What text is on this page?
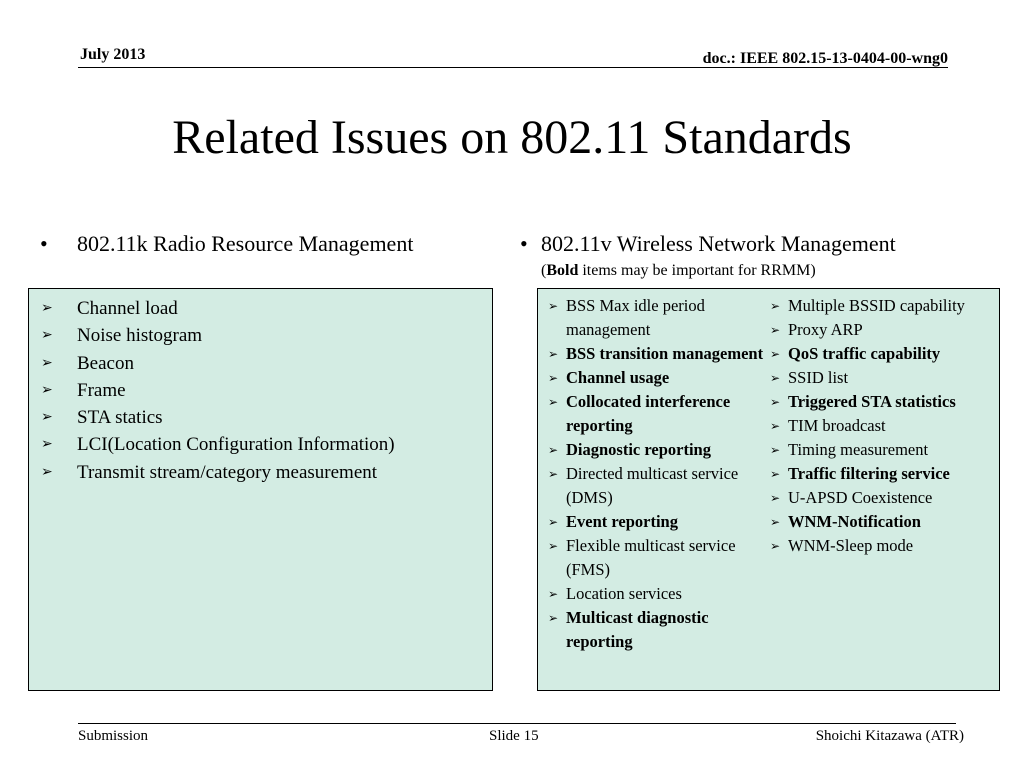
July 2013	doc.: IEEE 802.15-13-0404-00-wng0
Related Issues on 802.11 Standards
• 802.11k Radio Resource Management	• 802.11v Wireless Network Management
(Bold items may be important for RRMM)
➢	Channel load
➢	Noise histogram
➢	Beacon
➢	Frame
➢	STA statics
➢	LCI(Location Configuration Information)
➢	Transmit stream/category measurement
➢ BSS Max idle period management
➢ BSS transition management
➢ Channel usage
➢ Collocated interference reporting
➢ Diagnostic reporting
➢ Directed multicast service (DMS)
➢ Event reporting
➢ Flexible multicast service (FMS)
➢ Location services
➢ Multicast diagnostic reporting
➢ Multiple BSSID capability
➢ Proxy ARP
➢ QoS traffic capability
➢ SSID list
➢ Triggered STA statistics
➢ TIM broadcast
➢ Timing measurement
➢ Traffic filtering service
➢ U-APSD Coexistence
➢ WNM-Notification
➢ WNM-Sleep mode
Submission	Slide 15	Shoichi Kitazawa (ATR)
